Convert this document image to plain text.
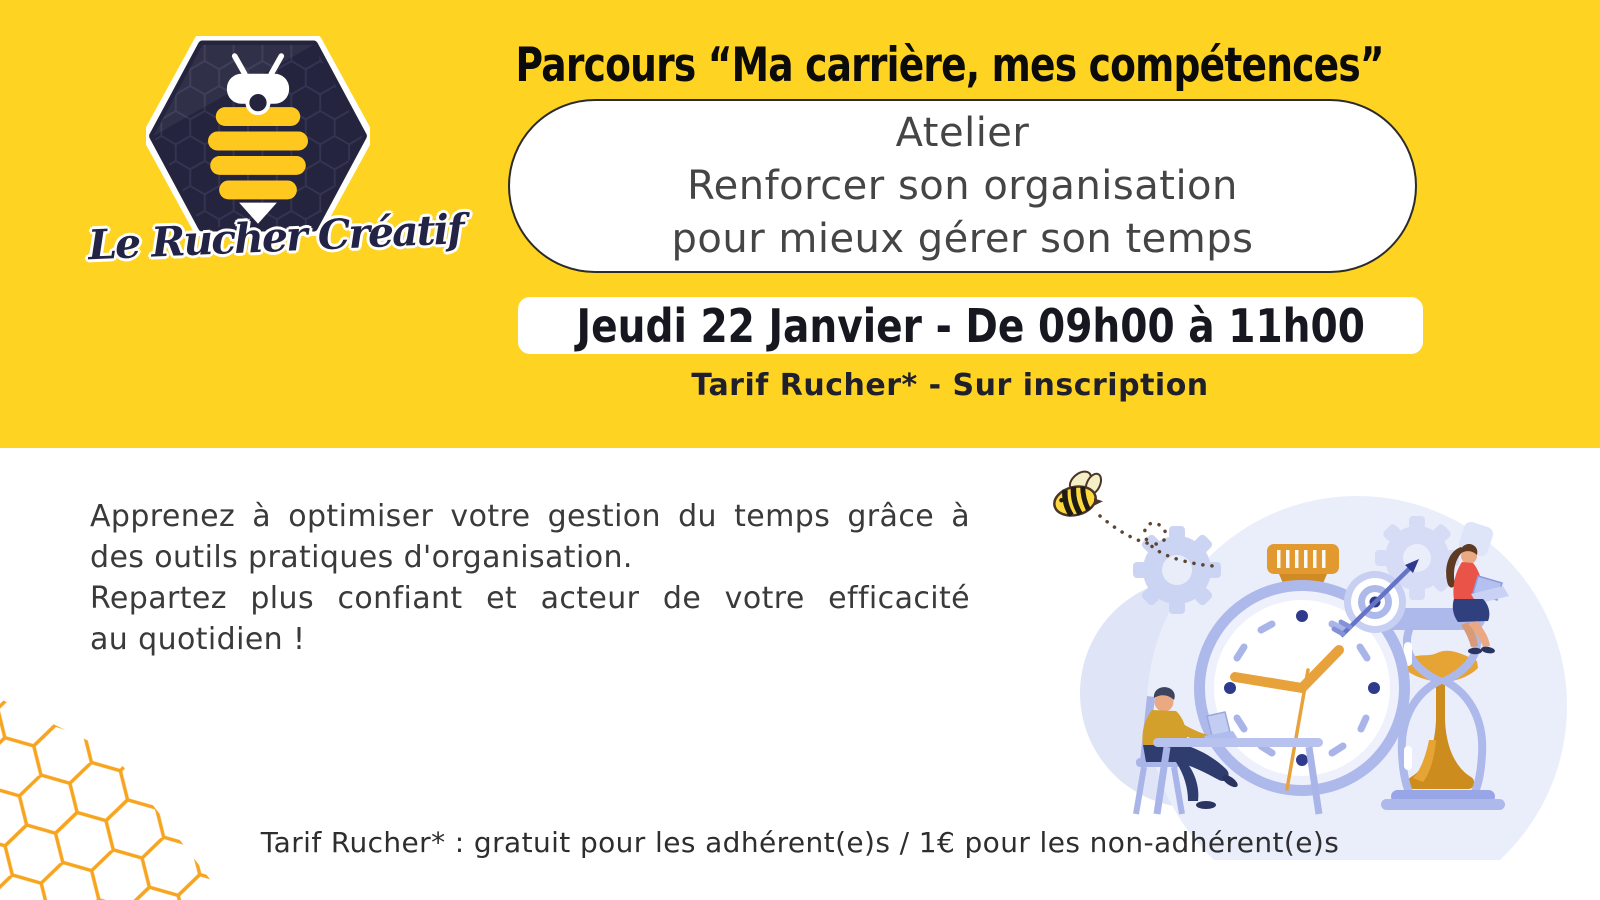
Le Rucher Créatif
Parcours “Ma carrière, mes compétences”
Atelier
Renforcer son organisation
pour mieux gérer son temps
Jeudi 22 Janvier - De 09h00 à 11h00
Tarif Rucher* - Sur inscription
Apprenez à optimiser votre gestion du temps grâce à
des outils pratiques d'organisation.
Repartez plus confiant et acteur de votre efficacité
au quotidien !
Tarif Rucher* : gratuit pour les adhérent(e)s / 1€ pour les non-adhérent(e)s
